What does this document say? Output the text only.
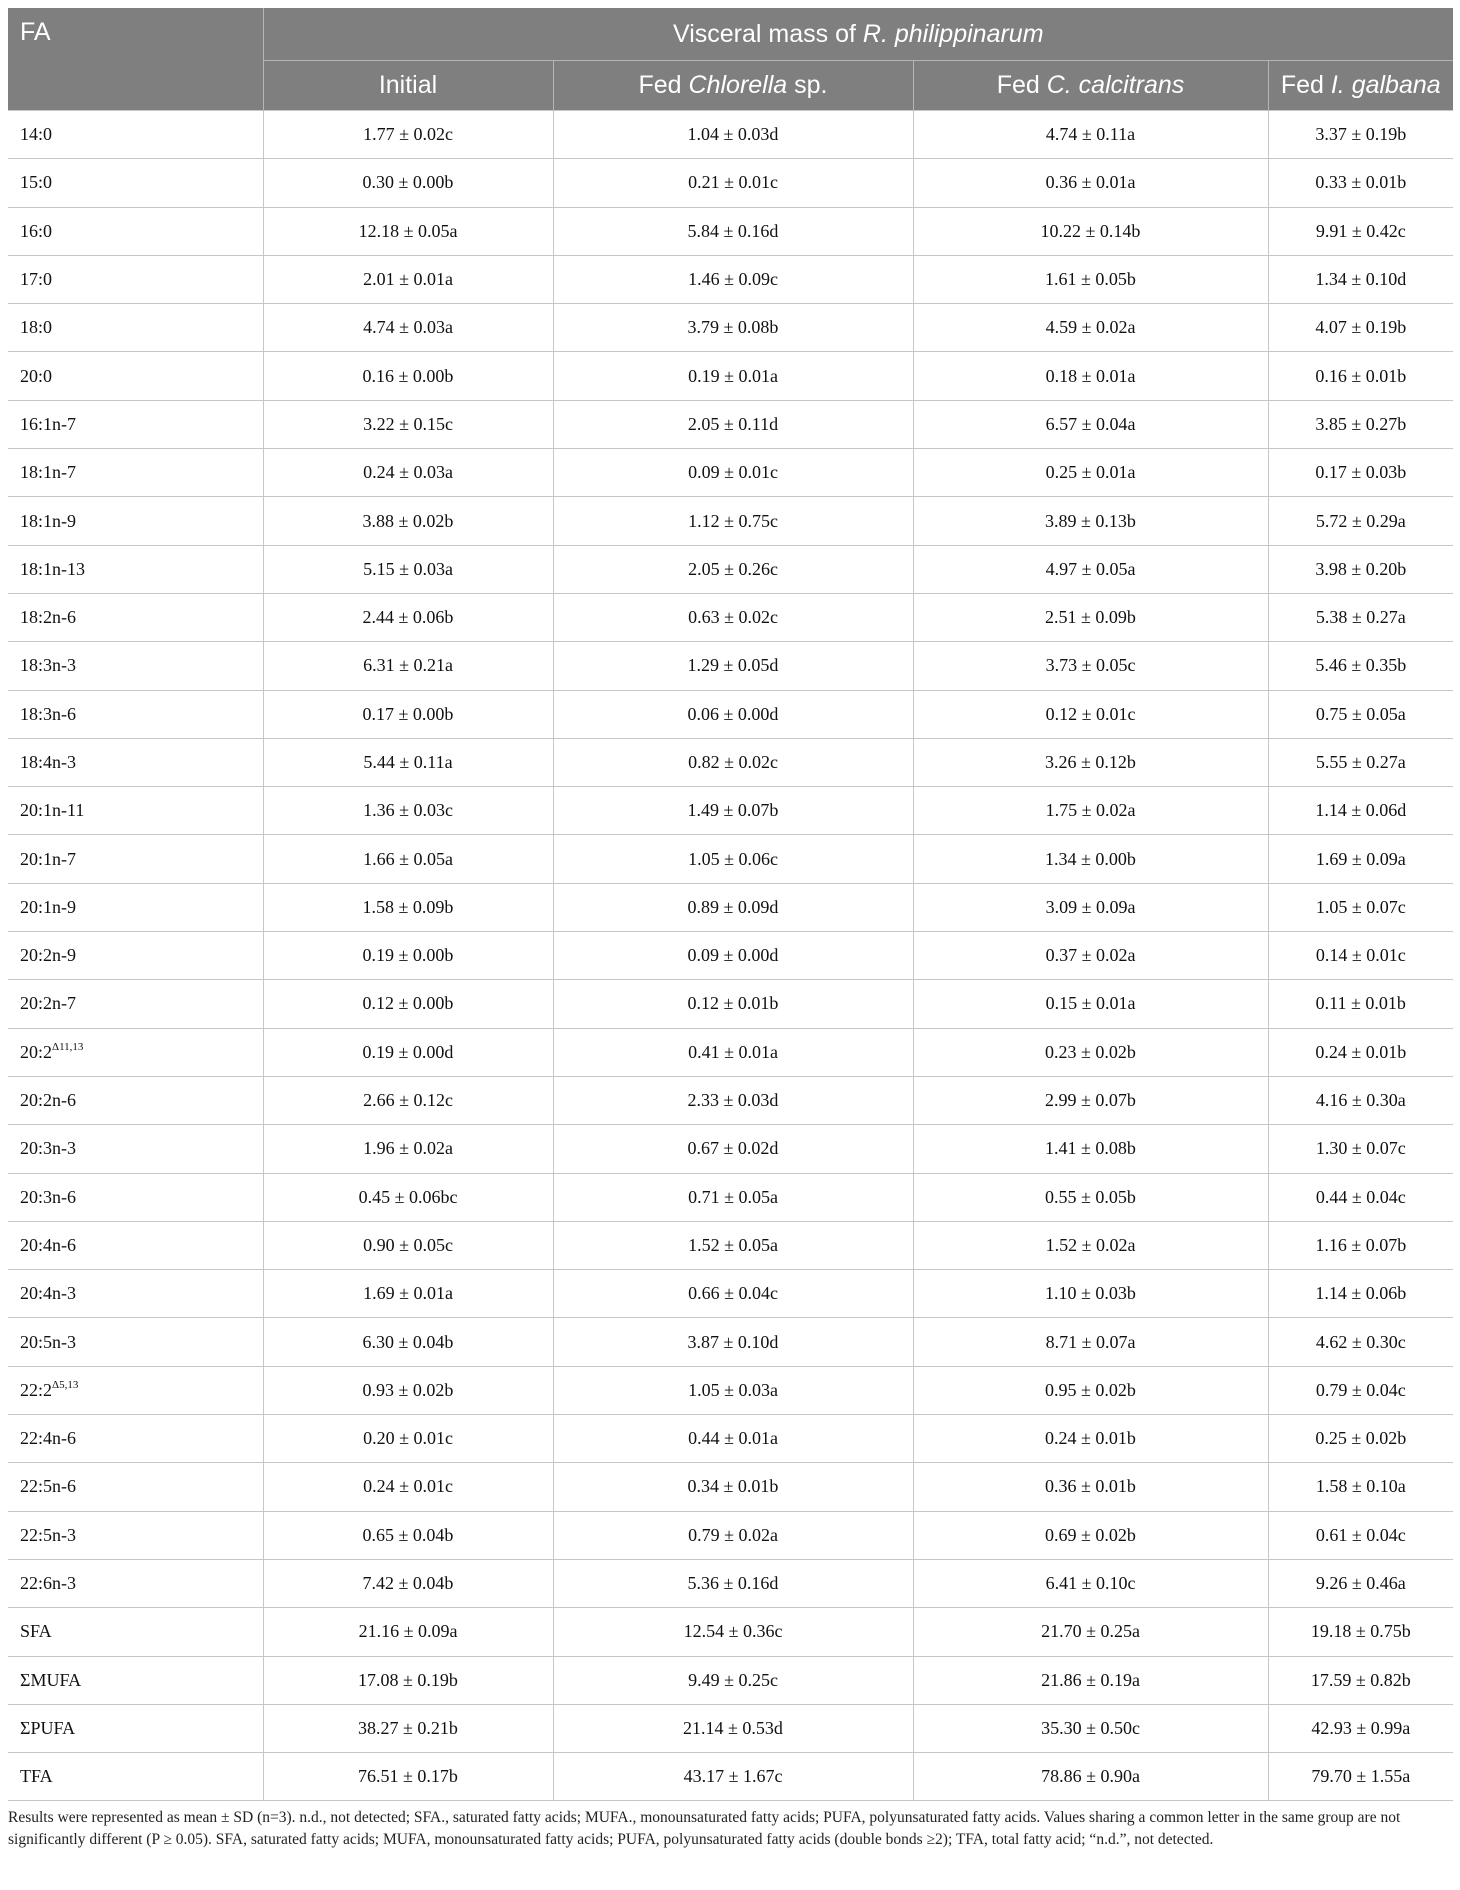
FA	Visceral mass of R. philippinarum			
	Initial	Fed Chlorella sp.	Fed C. calcitrans	Fed I. galbana
14:0	1.77 ± 0.02c	1.04 ± 0.03d	4.74 ± 0.11a	3.37 ± 0.19b
15:0	0.30 ± 0.00b	0.21 ± 0.01c	0.36 ± 0.01a	0.33 ± 0.01b
16:0	12.18 ± 0.05a	5.84 ± 0.16d	10.22 ± 0.14b	9.91 ± 0.42c
17:0	2.01 ± 0.01a	1.46 ± 0.09c	1.61 ± 0.05b	1.34 ± 0.10d
18:0	4.74 ± 0.03a	3.79 ± 0.08b	4.59 ± 0.02a	4.07 ± 0.19b
20:0	0.16 ± 0.00b	0.19 ± 0.01a	0.18 ± 0.01a	0.16 ± 0.01b
16:1n-7	3.22 ± 0.15c	2.05 ± 0.11d	6.57 ± 0.04a	3.85 ± 0.27b
18:1n-7	0.24 ± 0.03a	0.09 ± 0.01c	0.25 ± 0.01a	0.17 ± 0.03b
18:1n-9	3.88 ± 0.02b	1.12 ± 0.75c	3.89 ± 0.13b	5.72 ± 0.29a
18:1n-13	5.15 ± 0.03a	2.05 ± 0.26c	4.97 ± 0.05a	3.98 ± 0.20b
18:2n-6	2.44 ± 0.06b	0.63 ± 0.02c	2.51 ± 0.09b	5.38 ± 0.27a
18:3n-3	6.31 ± 0.21a	1.29 ± 0.05d	3.73 ± 0.05c	5.46 ± 0.35b
18:3n-6	0.17 ± 0.00b	0.06 ± 0.00d	0.12 ± 0.01c	0.75 ± 0.05a
18:4n-3	5.44 ± 0.11a	0.82 ± 0.02c	3.26 ± 0.12b	5.55 ± 0.27a
20:1n-11	1.36 ± 0.03c	1.49 ± 0.07b	1.75 ± 0.02a	1.14 ± 0.06d
20:1n-7	1.66 ± 0.05a	1.05 ± 0.06c	1.34 ± 0.00b	1.69 ± 0.09a
20:1n-9	1.58 ± 0.09b	0.89 ± 0.09d	3.09 ± 0.09a	1.05 ± 0.07c
20:2n-9	0.19 ± 0.00b	0.09 ± 0.00d	0.37 ± 0.02a	0.14 ± 0.01c
20:2n-7	0.12 ± 0.00b	0.12 ± 0.01b	0.15 ± 0.01a	0.11 ± 0.01b
$20:2^{\Delta 11,13}$	0.19 ± 0.00d	0.41 ± 0.01a	0.23 ± 0.02b	0.24 ± 0.01b
20:2n-6	2.66 ± 0.12c	2.33 ± 0.03d	2.99 ± 0.07b	4.16 ± 0.30a
20:3n-3	1.96 ± 0.02a	0.67 ± 0.02d	1.41 ± 0.08b	1.30 ± 0.07c
20:3n-6	0.45 ± 0.06bc	0.71 ± 0.05a	0.55 ± 0.05b	0.44 ± 0.04c
20:4n-6	0.90 ± 0.05c	1.52 ± 0.05a	1.52 ± 0.02a	1.16 ± 0.07b
20:4n-3	1.69 ± 0.01a	0.66 ± 0.04c	1.10 ± 0.03b	1.14 ± 0.06b
20:5n-3	6.30 ± 0.04b	3.87 ± 0.10d	8.71 ± 0.07a	4.62 ± 0.30c
$22:2^{\Delta 5,13}$	0.93 ± 0.02b	1.05 ± 0.03a	0.95 ± 0.02b	0.79 ± 0.04c
22:4n-6	0.20 ± 0.01c	0.44 ± 0.01a	0.24 ± 0.01b	0.25 ± 0.02b
22:5n-6	0.24 ± 0.01c	0.34 ± 0.01b	0.36 ± 0.01b	1.58 ± 0.10a
22:5n-3	0.65 ± 0.04b	0.79 ± 0.02a	0.69 ± 0.02b	0.61 ± 0.04c
22:6n-3	7.42 ± 0.04b	5.36 ± 0.16d	6.41 ± 0.10c	9.26 ± 0.46a
SFA	21.16 ± 0.09a	12.54 ± 0.36c	21.70 ± 0.25a	19.18 ± 0.75b
ΣMUFA	17.08 ± 0.19b	9.49 ± 0.25c	21.86 ± 0.19a	17.59 ± 0.82b
ΣPUFA	38.27 ± 0.21b	21.14 ± 0.53d	35.30 ± 0.50c	42.93 ± 0.99a
TFA	76.51 ± 0.17b	43.17 ± 1.67c	78.86 ± 0.90a	79.70 ± 1.55a
Results were represented as mean ± SD (n=3). n.d., not detected; SFA., saturated fatty acids; MUFA., monounsaturated fatty acids; PUFA, polyunsaturated fatty acids. Values sharing a common letter in the same group are not significantly different (P ≥ 0.05). SFA, saturated fatty acids; MUFA, monounsaturated fatty acids; PUFA, polyunsaturated fatty acids (double bonds ≥2); TFA, total fatty acid; “n.d.”, not detected.
